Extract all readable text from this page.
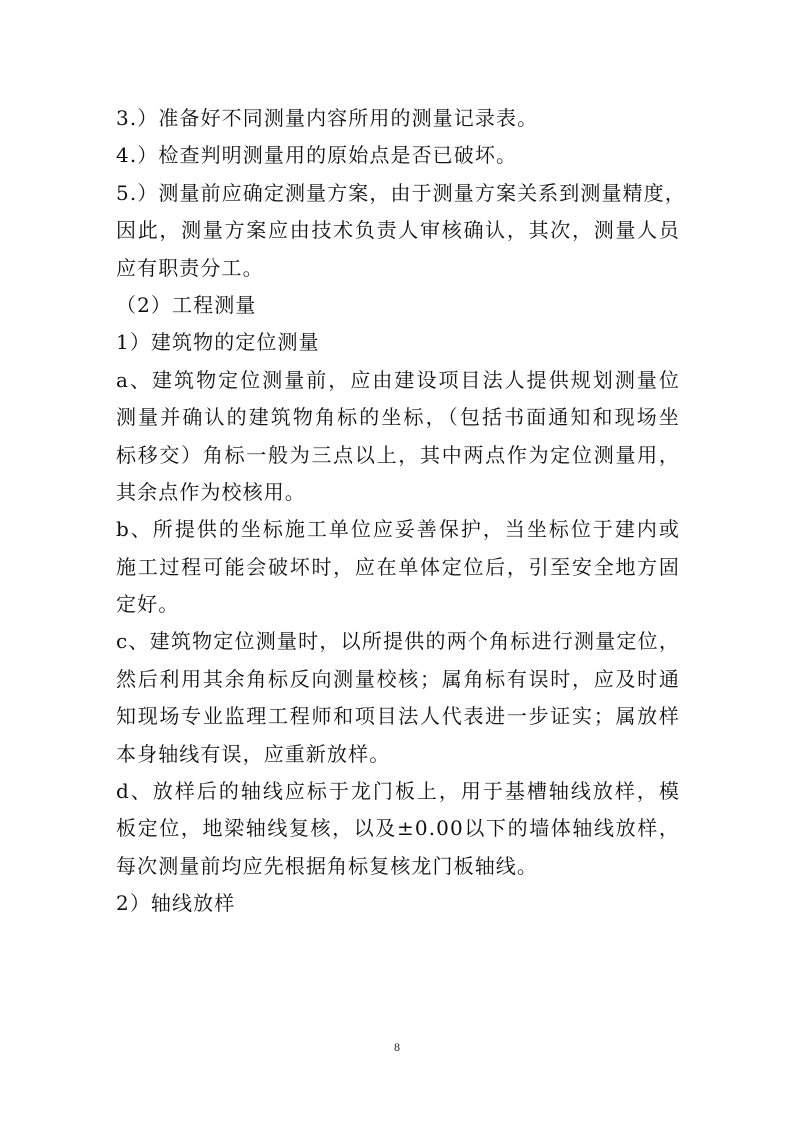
3.）准备好不同测量内容所用的测量记录表。
4.）检查判明测量用的原始点是否已破坏。
5.）测量前应确定测量方案，由于测量方案关系到测量精度，
因此，测量方案应由技术负责人审核确认，其次，测量人员
应有职责分工。
（2）工程测量
1）建筑物的定位测量
a、建筑物定位测量前，应由建设项目法人提供规划测量位
测量并确认的建筑物角标的坐标，（包括书面通知和现场坐
标移交）角标一般为三点以上，其中两点作为定位测量用，
其余点作为校核用。
b、所提供的坐标施工单位应妥善保护，当坐标位于建内或
施工过程可能会破坏时，应在单体定位后，引至安全地方固
定好。
c、建筑物定位测量时，以所提供的两个角标进行测量定位，
然后利用其余角标反向测量校核；属角标有误时，应及时通
知现场专业监理工程师和项目法人代表进一步证实；属放样
本身轴线有误，应重新放样。
d、放样后的轴线应标于龙门板上，用于基槽轴线放样，模
板定位，地梁轴线复核，以及±0.00以下的墙体轴线放样，
每次测量前均应先根据角标复核龙门板轴线。
2）轴线放样
8
